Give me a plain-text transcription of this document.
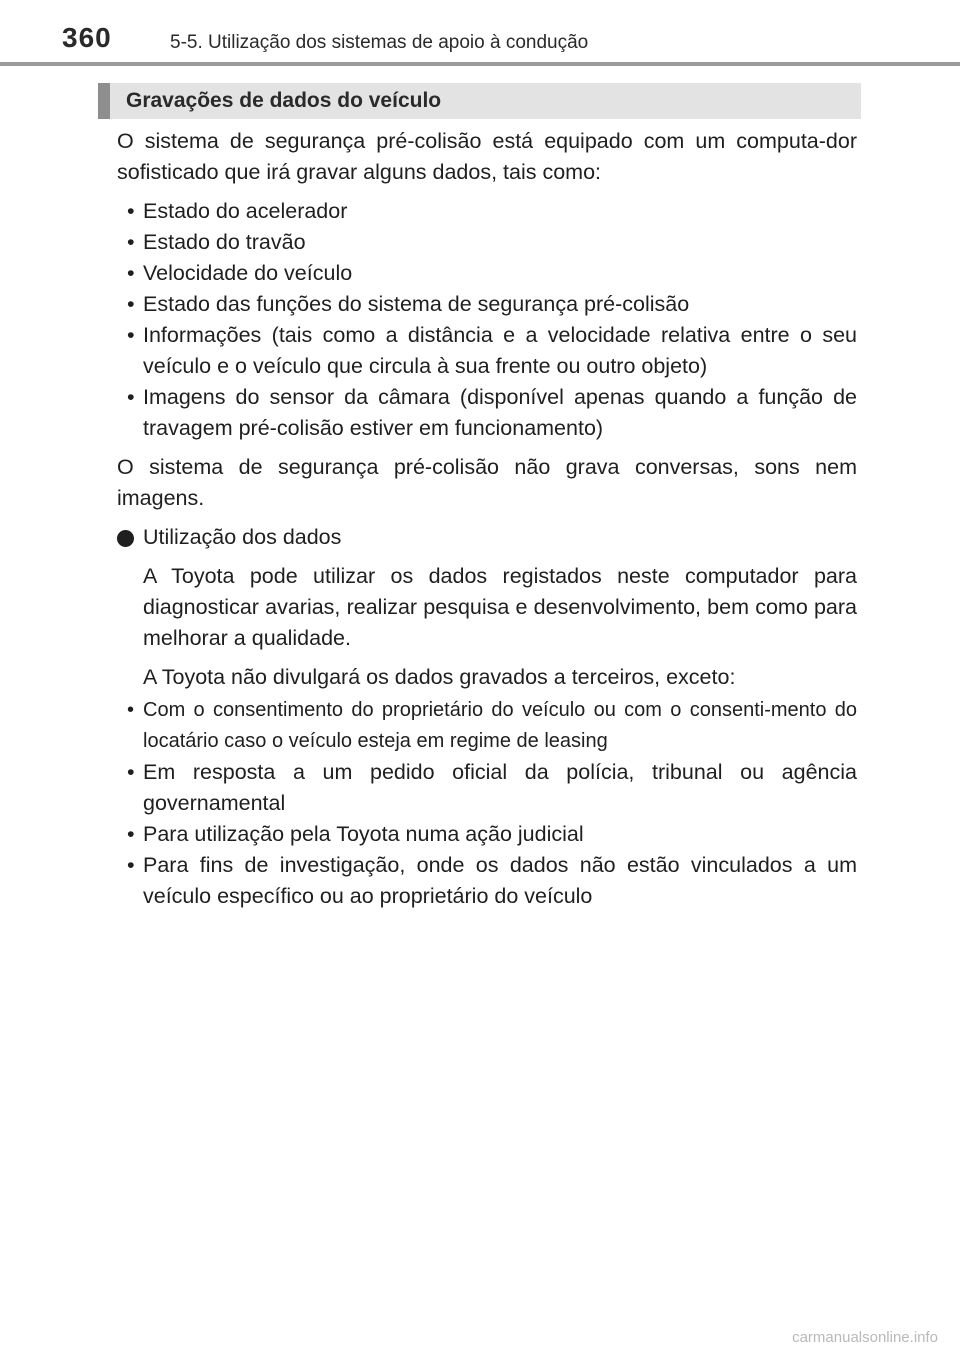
360	5-5. Utilização dos sistemas de apoio à condução
Gravações de dados do veículo

O sistema de segurança pré-colisão está equipado com um computa-dor sofisticado que irá gravar alguns dados, tais como:

• Estado do acelerador
• Estado do travão
• Velocidade do veículo
• Estado das funções do sistema de segurança pré-colisão
• Informações (tais como a distância e a velocidade relativa entre o seu veículo e o veículo que circula à sua frente ou outro objeto)
• Imagens do sensor da câmara (disponível apenas quando a função de travagem pré-colisão estiver em funcionamento)

O sistema de segurança pré-colisão não grava conversas, sons nem imagens.

Utilização dos dados

A Toyota pode utilizar os dados registados neste computador para diagnosticar avarias, realizar pesquisa e desenvolvimento, bem como para melhorar a qualidade.

A Toyota não divulgará os dados gravados a terceiros, exceto:

• Com o consentimento do proprietário do veículo ou com o consenti-mento do locatário caso o veículo esteja em regime de leasing
• Em resposta a um pedido oficial da polícia, tribunal ou agência governamental
• Para utilização pela Toyota numa ação judicial
• Para fins de investigação, onde os dados não estão vinculados a um veículo específico ou ao proprietário do veículo
carmanualsonline.info
